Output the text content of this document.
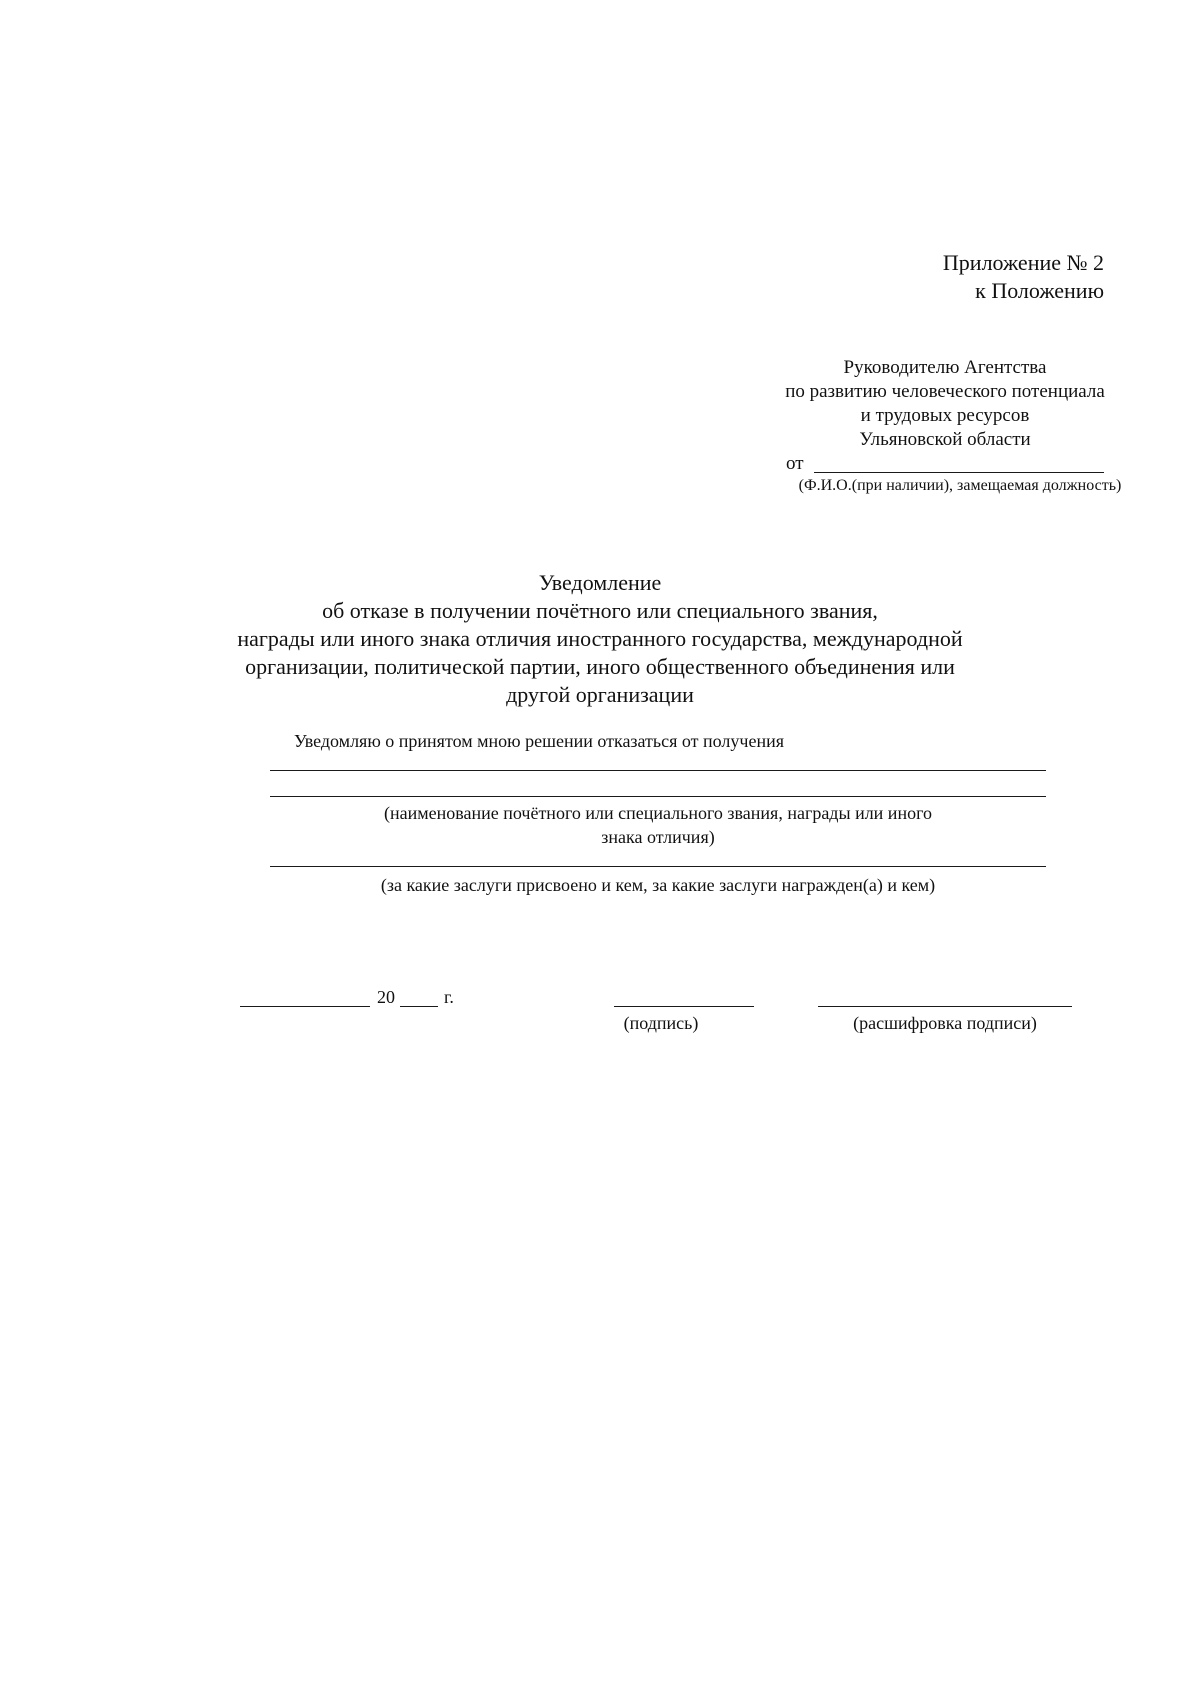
Приложение № 2
к Положению
Руководителю Агентства
по развитию человеческого потенциала
и трудовых ресурсов
Ульяновской области
от
(Ф.И.О.(при наличии), замещаемая должность)
Уведомление
об отказе в получении почётного или специального звания,
награды или иного знака отличия иностранного государства, международной
организации, политической партии, иного общественного объединения или
другой организации
Уведомляю о принятом мною решении отказаться от получения
(наименование почётного или специального звания, награды или иного
знака отличия)
(за какие заслуги присвоено и кем, за какие заслуги награжден(а) и кем)
20	г.
(подпись)	(расшифровка подписи)
